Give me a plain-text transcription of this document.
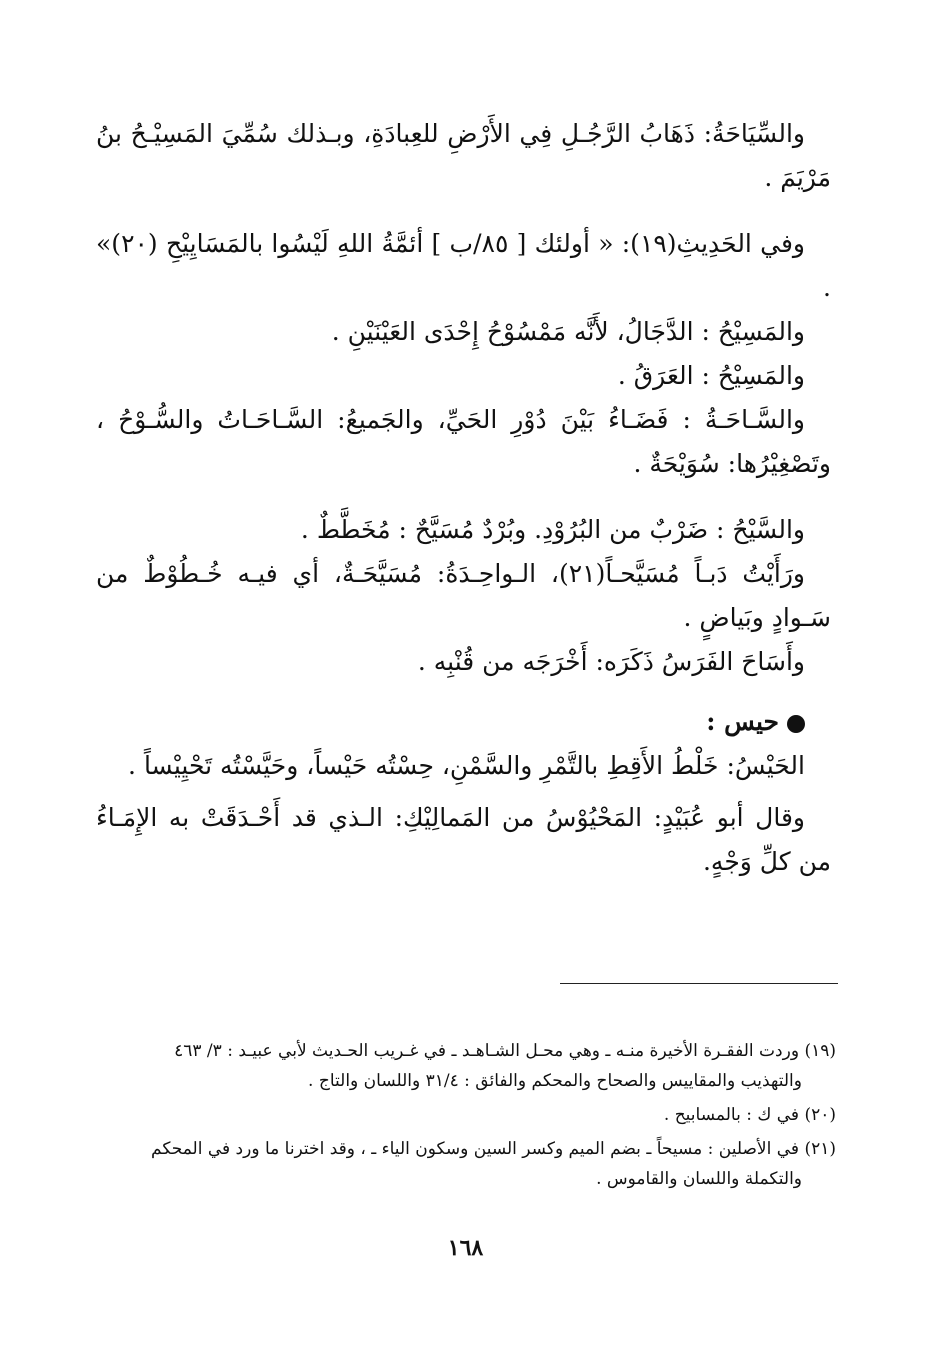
والسِّيَاحَةُ: ذَهَابُ الرَّجُـلِ فِي الأَرْضِ للعِبادَةِ، وبـذلك سُمِّيَ المَسِيْـحُ بنُ مَرْيَمَ .

وفي الحَدِيثِ(١٩): « أولئك [ ٨٥/ب ] أئمَّةُ اللهِ لَيْسُوا بالمَسَايِيْحِ (٢٠)» .

والمَسِيْحُ : الدَّجَالُ، لأَنَّه مَمْسُوْحُ إِحْدَى العَيْنَيْنِ .

والمَسِيْحُ : العَرَقُ .

والسَّـاحَـةُ : فَضَـاءُ بَيْنَ دُوْرِ الحَيِّ، والجَميعُ: السَّـاحَـاتُ والسُّـوْحُ ، وتَصْغِيْرُها: سُوَيْحَةٌ .

والسَّيْحُ : ضَرْبٌ من البُرُوْدِ. وبُرْدٌ مُسَيَّحٌ : مُخَطَّطٌ .

ورَأَيْتُ دَبـاً مُسَيَّحـاً(٢١)، الـواحِـدَةُ: مُسَيَّحَـةٌ، أي فيـه خُـطُوْطٌ من سَـوادٍ وبَياضٍ .

وأَسَاحَ الفَرَسُ ذَكَرَه: أَخْرَجَه من قُنْبِه .

حيس :

الحَيْسُ: خَلْطُ الأَقِطِ بالتَّمْرِ والسَّمْنِ، حِسْتُه حَيْساً، وحَيَّسْتُه تَحْيِيْساً .

وقال أبو عُبَيْدٍ: المَحْيُوْسُ من المَمالِيْكِ: الـذي قد أَحْـدَقَتْ به الإِمَـاءُ من كلِّ وَجْهٍ.

(١٩) وردت الفقـرة الأخيرة منـه ـ وهي محـل الشـاهـد ـ في غـريب الحـديث لأبي عبيـد : ٣/ ٤٦٣

والتهذيب والمقاييس والصحاح والمحكم والفائق : ٣١/٤ واللسان والتاج .

(٢٠) في ك : بالمسابيح .

(٢١) في الأصلين : مسيحاً ـ بضم الميم وكسر السين وسكون الياء ـ ، وقد اخترنا ما ورد في المحكم

والتكملة واللسان والقاموس .

١٦٨
